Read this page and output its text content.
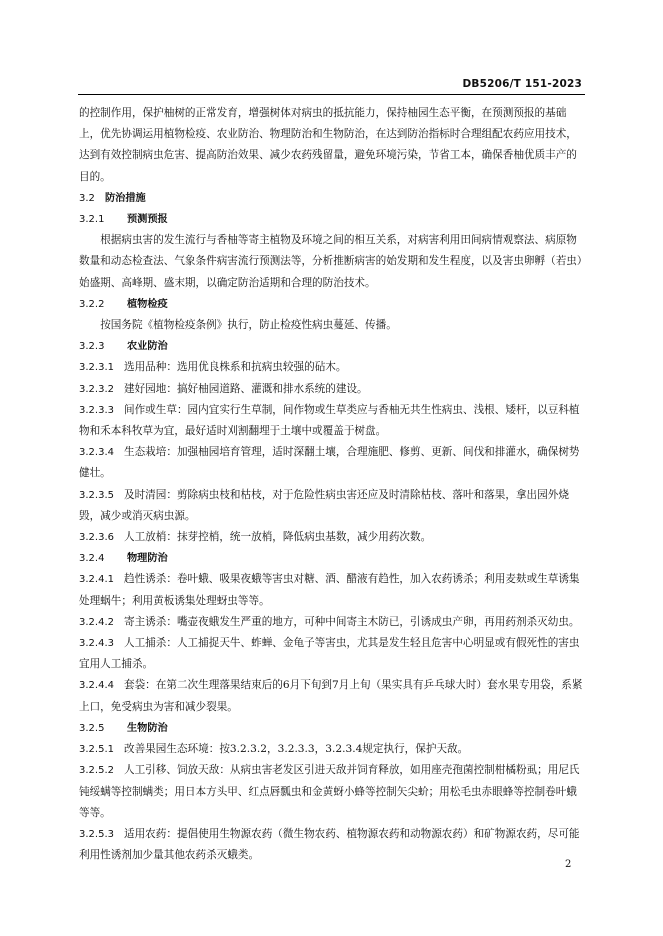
DB5206/T 151-2023

的控制作用，保护柚树的正常发育，增强树体对病虫的抵抗能力，保持柚园生态平衡，在预测预报的基础上，优先协调运用植物检疫、农业防治、物理防治和生物防治，在达到防治指标时合理组配农药应用技术，达到有效控制病虫危害、提高防治效果、减少农药残留量，避免环境污染，节省工本，确保香柚优质丰产的目的。

3.2 防治措施

3.2.1 预测预报

根据病虫害的发生流行与香柚等寄主植物及环境之间的相互关系，对病害利用田间病情观察法、病原物数量和动态检查法、气象条件病害流行预测法等，分析推断病害的始发期和发生程度，以及害虫卵孵（若虫）始盛期、高峰期、盛末期，以确定防治适期和合理的防治技术。

3.2.2 植物检疫

按国务院《植物检疫条例》执行，防止检疫性病虫蔓延、传播。

3.2.3 农业防治

3.2.3.1 选用品种：选用优良株系和抗病虫较强的砧木。

3.2.3.2 建好园地：搞好柚园道路、灌溉和排水系统的建设。

3.2.3.3 间作或生草：园内宜实行生草制，间作物或生草类应与香柚无共生性病虫、浅根、矮杆，以豆科植物和禾本科牧草为宜，最好适时刈割翻埋于土壤中或覆盖于树盘。

3.2.3.4 生态栽培：加强柚园培育管理，适时深翻土壤，合理施肥、修剪、更新、间伐和排灌水，确保树势健壮。

3.2.3.5 及时清园：剪除病虫枝和枯枝，对于危险性病虫害还应及时清除枯枝、落叶和落果，拿出园外烧毁，减少或消灭病虫源。

3.2.3.6 人工放梢：抹芽控梢，统一放梢，降低病虫基数，减少用药次数。

3.2.4 物理防治

3.2.4.1 趋性诱杀：卷叶蛾、吸果夜蛾等害虫对糖、酒、醋液有趋性，加入农药诱杀；利用麦麸或生草诱集处理蜗牛；利用黄板诱集处理蚜虫等等。

3.2.4.2 寄主诱杀：嘴壶夜蛾发生严重的地方，可种中间寄主木防已，引诱成虫产卵，再用药剂杀灭幼虫。

3.2.4.3 人工捕杀：人工捕捉天牛、蚱蝉、金龟子等害虫，尤其是发生轻且危害中心明显或有假死性的害虫宜用人工捕杀。

3.2.4.4 套袋：在第二次生理落果结束后的6月下旬到7月上旬（果实具有乒乓球大时）套水果专用袋，系紧上口，免受病虫为害和减少裂果。

3.2.5 生物防治

3.2.5.1 改善果园生态环境：按3.2.3.2，3.2.3.3，3.2.3.4规定执行，保护天敌。

3.2.5.2 人工引移、饲放天敌：从病虫害老发区引进天敌并饲育释放，如用座壳孢菌控制柑橘粉虱；用尼氏钝绥螨等控制螨类；用日本方头甲、红点唇瓢虫和金黄蚜小蜂等控制矢尖蚧；用松毛虫赤眼蜂等控制卷叶蛾等等。

3.2.5.3 适用农药：提倡使用生物源农药（微生物农药、植物源农药和动物源农药）和矿物源农药，尽可能利用性诱剂加少量其他农药杀灭蛾类。

2
